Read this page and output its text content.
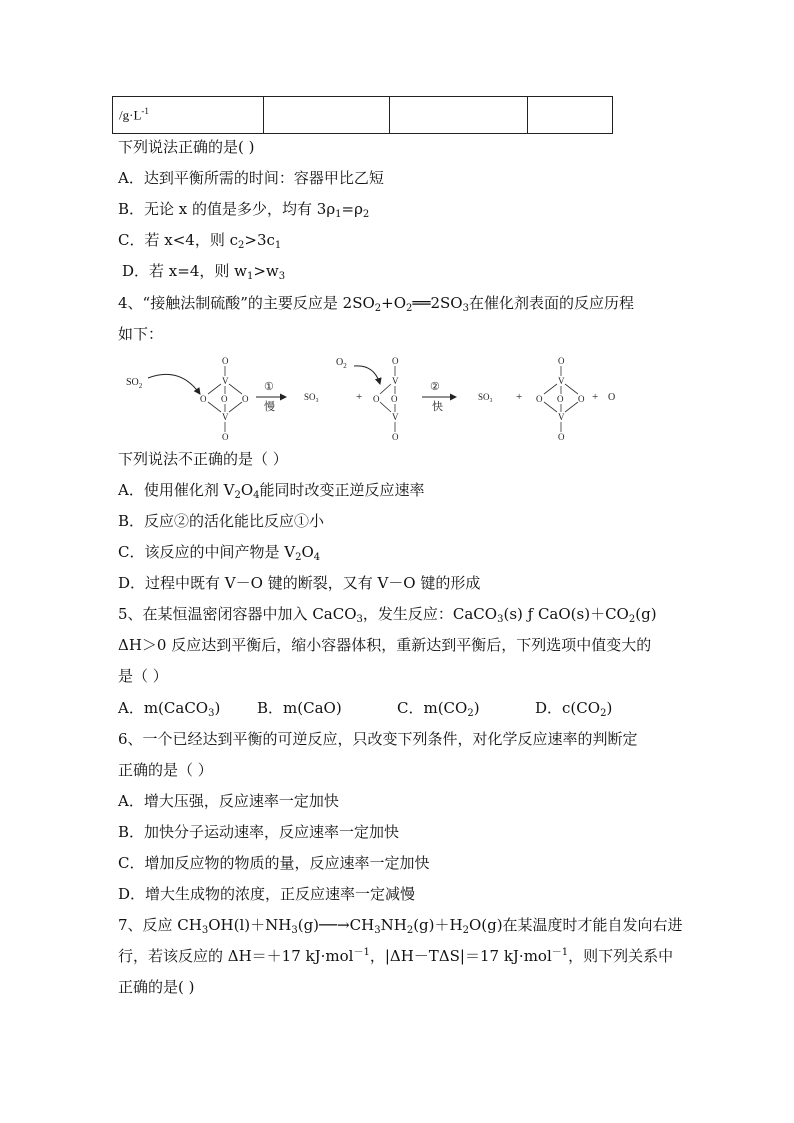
$/g\cdot L^{-1}$			
下列说法正确的是( )
A．达到平衡所需的时间：容器甲比乙短
B．无论 x 的值是多少，均有 $3\rho_1=\rho_2$
C．若 x<4，则 $c_2>3c_1$
D．若 x=4，则 $w_1>w_3$
4、“接触法制硫酸”的主要反应是 $2SO_2+O_2══2SO_3$在催化剂表面的反应历程
如下：
$SO_2$
O
V
O O O
V
O
①
慢
SO₃	+
$O_2$	O
V
O O
V
O
②
快
SO₃ +
O
V
O O O
V
O
+ O
下列说法不正确的是（ ）
A．使用催化剂 $V_2O_4$能同时改变正逆反应速率
B．反应②的活化能比反应①小
C．该反应的中间产物是 $V_2O_4$
D．过程中既有 V－O 键的断裂，又有 V－O 键的形成
5、在某恒温密闭容器中加入 CaCO$_3$，发生反应：CaCO$_3$(s) ƒ $CaO(s)+CO_2(g)$
ΔH＞0 反应达到平衡后，缩小容器体积，重新达到平衡后，下列选项中值变大的
是（ ）
A．m(CaCO$_3$) B．m(CaO)	C．$m(CO_2)$	D．$c(CO_2)$
6、一个已经达到平衡的可逆反应，只改变下列条件，对化学反应速率的判断定
正确的是（ ）
A．增大压强，反应速率一定加快
B．加快分子运动速率，反应速率一定加快
C．增加反应物的物质的量，反应速率一定加快
D．增大生成物的浓度，正反应速率一定减慢
7、反应 $CH_3OH(l)+NH_3(g)──\to CH_3NH_2(g)+H_2O(g)$在某温度时才能自发向右进
行，若该反应的 ΔH＝＋17 kJ·mol$^{-1}$，|ΔH－TΔS|＝17 kJ·mol$^{-1}$，则下列关系中
正确的是( )
